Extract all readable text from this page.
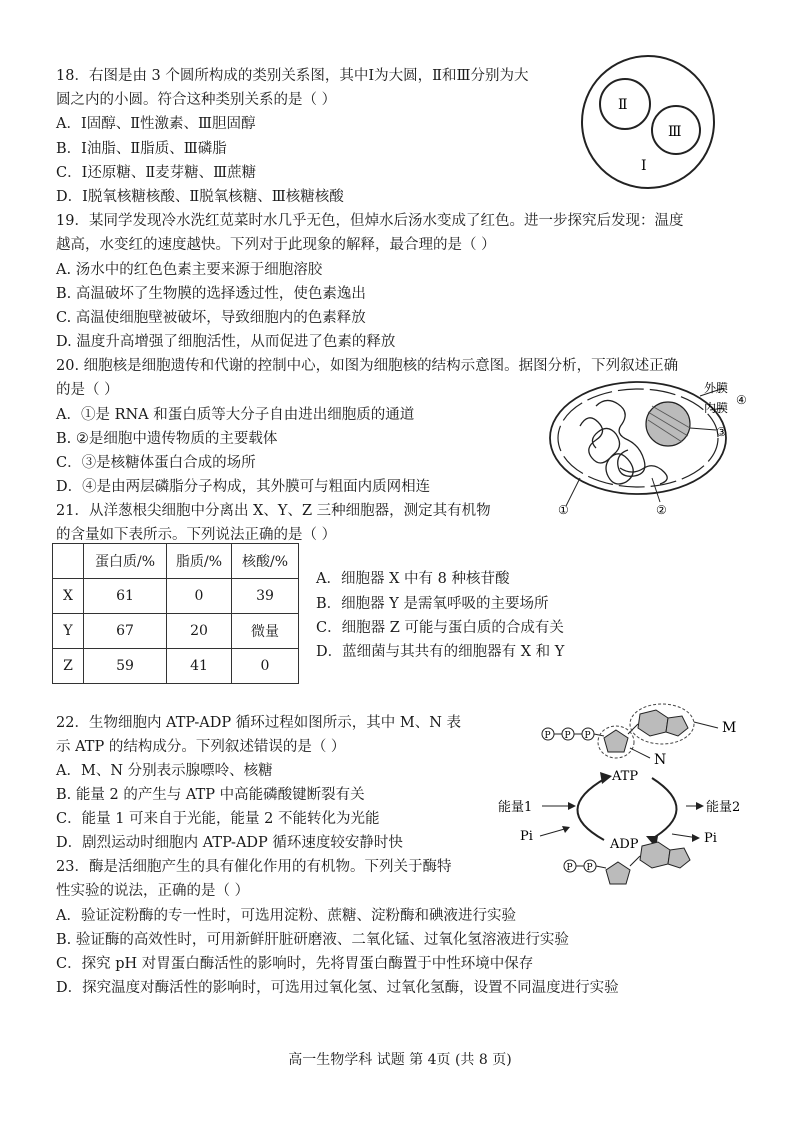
18．右图是由 3 个圆所构成的类别关系图，其中Ⅰ为大圆，Ⅱ和Ⅲ分别为大
圆之内的小圆。符合这种类别关系的是（ ）
A．Ⅰ固醇、Ⅱ性激素、Ⅲ胆固醇
B．Ⅰ油脂、Ⅱ脂质、Ⅲ磷脂
C．Ⅰ还原糖、Ⅱ麦芽糖、Ⅲ蔗糖
D．Ⅰ脱氧核糖核酸、Ⅱ脱氧核糖、Ⅲ核糖核酸
Ⅱ
Ⅲ
Ⅰ
19．某同学发现冷水洗红苋菜时水几乎无色，但焯水后汤水变成了红色。进一步探究后发现：温度
越高，水变红的速度越快。下列对于此现象的解释，最合理的是（ ）
A. 汤水中的红色色素主要来源于细胞溶胶
B. 高温破坏了生物膜的选择透过性，使色素逸出
C. 高温使细胞壁被破坏，导致细胞内的色素释放
D. 温度升高增强了细胞活性，从而促进了色素的释放
20. 细胞核是细胞遗传和代谢的控制中心，如图为细胞核的结构示意图。据图分析，下列叙述正确
的是（ ）
A．①是 RNA 和蛋白质等大分子自由进出细胞质的通道
B. ②是细胞中遗传物质的主要载体
C．③是核糖体蛋白合成的场所
D．④是由两层磷脂分子构成，其外膜可与粗面内质网相连
外膜
内膜
④
③
①	②
21．从洋葱根尖细胞中分离出 X、Y、Z 三种细胞器，测定其有机物
的含量如下表所示。下列说法正确的是（ ）
	蛋白质/%	脂质/%	核酸/%
X	61	0	39
Y	67	20	微量
Z	59	41	0
A．细胞器 X 中有 8 种核苷酸
B．细胞器 Y 是需氧呼吸的主要场所
C．细胞器 Z 可能与蛋白质的合成有关
D．蓝细菌与其共有的细胞器有 X 和 Y
22．生物细胞内 ATP-ADP 循环过程如图所示，其中 M、N 表
示 ATP 的结构成分。下列叙述错误的是（ ）
A．M、N 分别表示腺嘌呤、核糖
B. 能量 2 的产生与 ATP 中高能磷酸键断裂有关
C．能量 1 可来自于光能，能量 2 不能转化为光能
D．剧烈运动时细胞内 ATP-ADP 循环速度较安静时快
P P P	M
N
ATP
ADP
能量1	能量2
Pi	Pi
P P
23．酶是活细胞产生的具有催化作用的有机物。下列关于酶特
性实验的说法，正确的是（ ）
A．验证淀粉酶的专一性时，可选用淀粉、蔗糖、淀粉酶和碘液进行实验
B. 验证酶的高效性时，可用新鲜肝脏研磨液、二氧化锰、过氧化氢溶液进行实验
C．探究 pH 对胃蛋白酶活性的影响时，先将胃蛋白酶置于中性环境中保存
D．探究温度对酶活性的影响时，可选用过氧化氢、过氧化氢酶，设置不同温度进行实验
高一生物学科 试题 第 4页 (共 8 页)
